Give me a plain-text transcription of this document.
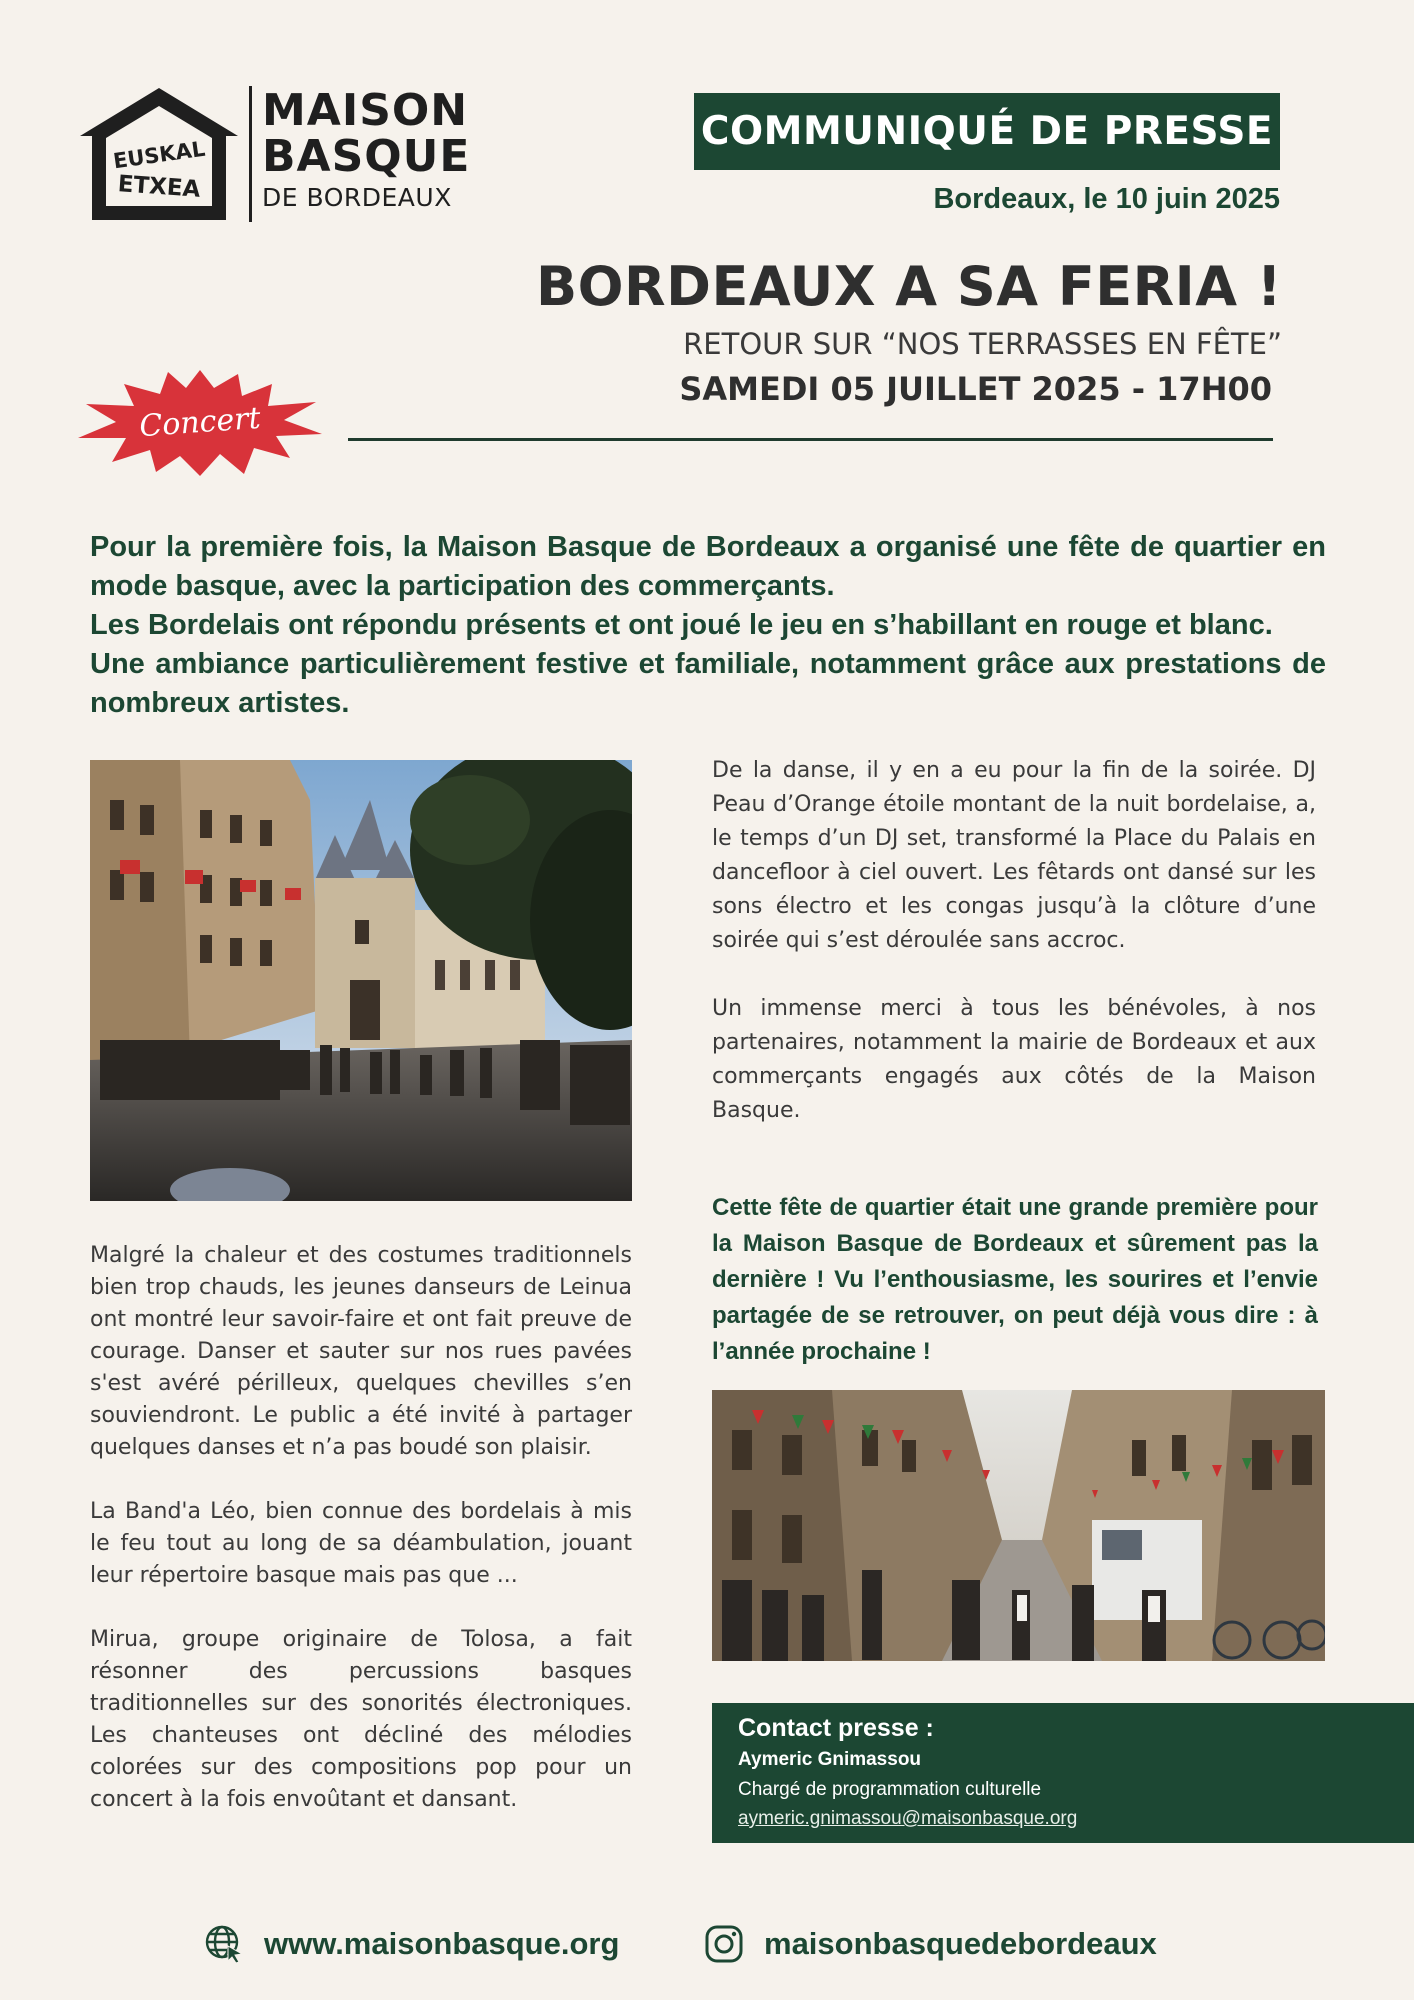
EUSKAL
ETXEA
MAISON
BASQUE
DE BORDEAUX
COMMUNIQUÉ DE PRESSE
Bordeaux, le 10 juin 2025
BORDEAUX A SA FERIA !
RETOUR SUR “NOS TERRASSES EN FÊTE”
SAMEDI 05 JUILLET 2025 - 17H00
Concert

Pour la première fois, la Maison Basque de Bordeaux a organisé une fête de quartier en mode basque, avec la participation des commerçants.

Les Bordelais ont répondu présents et ont joué le jeu en s’habillant en rouge et blanc.

Une ambiance particulièrement festive et familiale, notamment grâce aux prestations de nombreux artistes.

Malgré la chaleur et des costumes traditionnels bien trop chauds, les jeunes danseurs de Leinua ont montré leur savoir-faire et ont fait preuve de courage. Danser et sauter sur nos rues pavées s'est avéré périlleux, quelques chevilles s’en souviendront. Le public a été invité à partager quelques danses et n’a pas boudé son plaisir.

La Band'a Léo, bien connue des bordelais à mis le feu tout au long de sa déambulation, jouant leur répertoire basque mais pas que ...

Mirua, groupe originaire de Tolosa, a fait résonner des percussions basques traditionnelles sur des sonorités électroniques. Les chanteuses ont décliné des mélodies colorées sur des compositions pop pour un concert à la fois envoûtant et dansant.

De la danse, il y en a eu pour la fin de la soirée. DJ Peau d’Orange étoile montant de la nuit bordelaise, a, le temps d’un DJ set, transformé la Place du Palais en dancefloor à ciel ouvert. Les fêtards ont dansé sur les sons électro et les congas jusqu’à la clôture d’une soirée qui s’est déroulée sans accroc.

Un immense merci à tous les bénévoles, à nos partenaires, notamment la mairie de Bordeaux et aux commerçants engagés aux côtés de la Maison Basque.

Cette fête de quartier était une grande première pour la Maison Basque de Bordeaux et sûrement pas la dernière ! Vu l’enthousiasme, les sourires et l’envie partagée de se retrouver, on peut déjà vous dire : à l’année prochaine !
Contact presse :
Aymeric Gnimassou
Chargé de programmation culturelle
aymeric.gnimassou@maisonbasque.org
www.maisonbasque.org	maisonbasquedebordeaux
